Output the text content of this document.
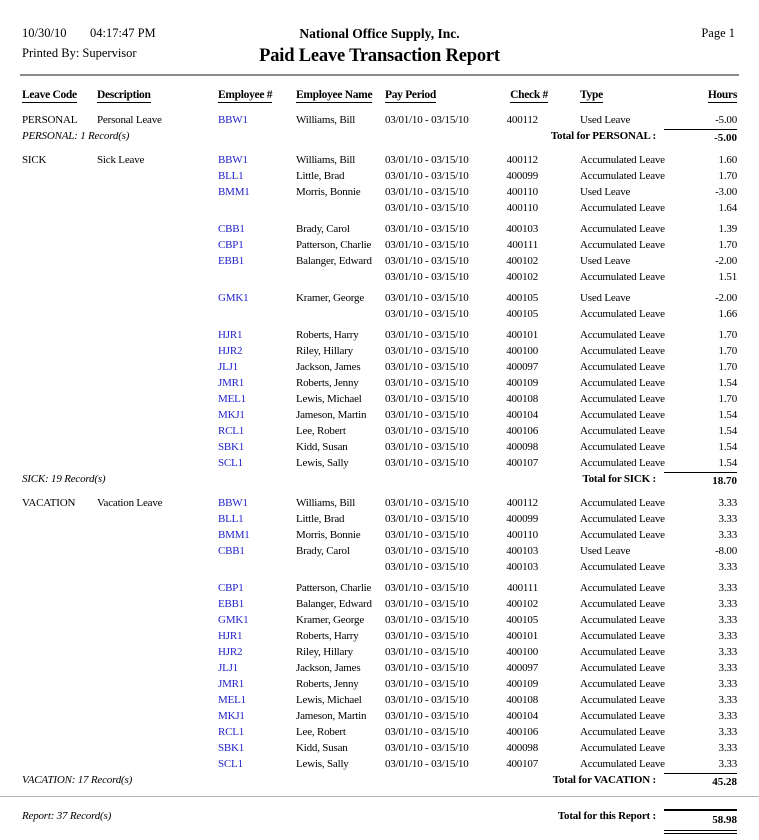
10/30/10 04:17:47 PM	National Office Supply, Inc.	Page 1
Printed By: Supervisor	Paid Leave Transaction Report
Leave Code	Description	Employee #	Employee Name	Pay Period	Check #	Type	Hours
PERSONAL	Personal Leave	BBW1	Williams, Bill	03/01/10 - 03/15/10	400112	Used Leave	-5.00
PERSONAL: 1 Record(s)	Total for PERSONAL :	-5.00
SICK	Sick Leave	BBW1	Williams, Bill	03/01/10 - 03/15/10	400112	Accumulated Leave	1.60
BLL1	Little, Brad	03/01/10 - 03/15/10	400099	Accumulated Leave	1.70
BMM1	Morris, Bonnie	03/01/10 - 03/15/10	400110	Used Leave	-3.00
03/01/10 - 03/15/10	400110	Accumulated Leave	1.64
CBB1	Brady, Carol	03/01/10 - 03/15/10	400103	Accumulated Leave	1.39
CBP1	Patterson, Charlie	03/01/10 - 03/15/10	400111	Accumulated Leave	1.70
EBB1	Balanger, Edward	03/01/10 - 03/15/10	400102	Used Leave	-2.00
03/01/10 - 03/15/10	400102	Accumulated Leave	1.51
GMK1	Kramer, George	03/01/10 - 03/15/10	400105	Used Leave	-2.00
03/01/10 - 03/15/10	400105	Accumulated Leave	1.66
HJR1	Roberts, Harry	03/01/10 - 03/15/10	400101	Accumulated Leave	1.70
HJR2	Riley, Hillary	03/01/10 - 03/15/10	400100	Accumulated Leave	1.70
JLJ1	Jackson, James	03/01/10 - 03/15/10	400097	Accumulated Leave	1.70
JMR1	Roberts, Jenny	03/01/10 - 03/15/10	400109	Accumulated Leave	1.54
MEL1	Lewis, Michael	03/01/10 - 03/15/10	400108	Accumulated Leave	1.70
MKJ1	Jameson, Martin	03/01/10 - 03/15/10	400104	Accumulated Leave	1.54
RCL1	Lee, Robert	03/01/10 - 03/15/10	400106	Accumulated Leave	1.54
SBK1	Kidd, Susan	03/01/10 - 03/15/10	400098	Accumulated Leave	1.54
SCL1	Lewis, Sally	03/01/10 - 03/15/10	400107	Accumulated Leave	1.54
SICK: 19 Record(s)	Total for SICK :	18.70
VACATION	Vacation Leave	BBW1	Williams, Bill	03/01/10 - 03/15/10	400112	Accumulated Leave	3.33
BLL1	Little, Brad	03/01/10 - 03/15/10	400099	Accumulated Leave	3.33
BMM1	Morris, Bonnie	03/01/10 - 03/15/10	400110	Accumulated Leave	3.33
CBB1	Brady, Carol	03/01/10 - 03/15/10	400103	Used Leave	-8.00
03/01/10 - 03/15/10	400103	Accumulated Leave	3.33
CBP1	Patterson, Charlie	03/01/10 - 03/15/10	400111	Accumulated Leave	3.33
EBB1	Balanger, Edward	03/01/10 - 03/15/10	400102	Accumulated Leave	3.33
GMK1	Kramer, George	03/01/10 - 03/15/10	400105	Accumulated Leave	3.33
HJR1	Roberts, Harry	03/01/10 - 03/15/10	400101	Accumulated Leave	3.33
HJR2	Riley, Hillary	03/01/10 - 03/15/10	400100	Accumulated Leave	3.33
JLJ1	Jackson, James	03/01/10 - 03/15/10	400097	Accumulated Leave	3.33
JMR1	Roberts, Jenny	03/01/10 - 03/15/10	400109	Accumulated Leave	3.33
MEL1	Lewis, Michael	03/01/10 - 03/15/10	400108	Accumulated Leave	3.33
MKJ1	Jameson, Martin	03/01/10 - 03/15/10	400104	Accumulated Leave	3.33
RCL1	Lee, Robert	03/01/10 - 03/15/10	400106	Accumulated Leave	3.33
SBK1	Kidd, Susan	03/01/10 - 03/15/10	400098	Accumulated Leave	3.33
SCL1	Lewis, Sally	03/01/10 - 03/15/10	400107	Accumulated Leave	3.33
VACATION: 17 Record(s)	Total for VACATION :	45.28
Report: 37 Record(s)	Total for this Report :	58.98
